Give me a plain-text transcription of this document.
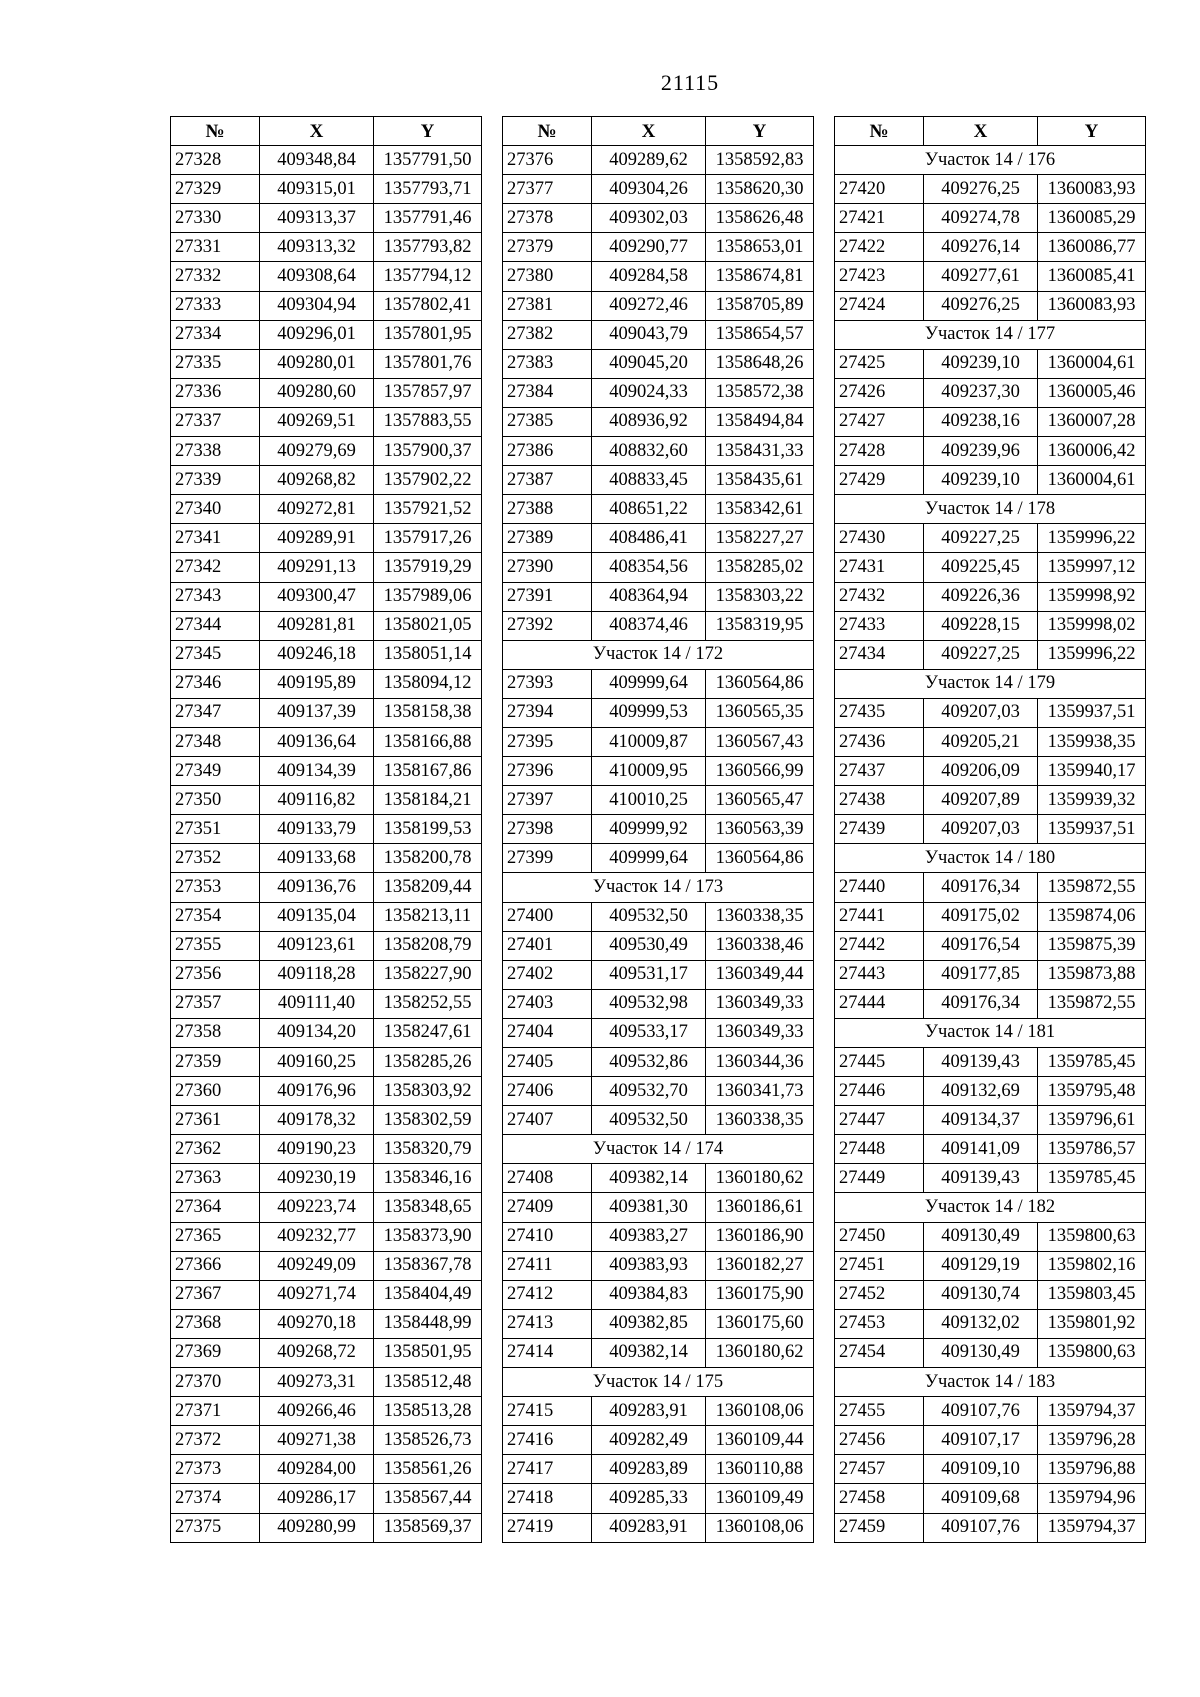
21115
№	X	Y
27328	409348,84	1357791,50
27329	409315,01	1357793,71
27330	409313,37	1357791,46
27331	409313,32	1357793,82
27332	409308,64	1357794,12
27333	409304,94	1357802,41
27334	409296,01	1357801,95
27335	409280,01	1357801,76
27336	409280,60	1357857,97
27337	409269,51	1357883,55
27338	409279,69	1357900,37
27339	409268,82	1357902,22
27340	409272,81	1357921,52
27341	409289,91	1357917,26
27342	409291,13	1357919,29
27343	409300,47	1357989,06
27344	409281,81	1358021,05
27345	409246,18	1358051,14
27346	409195,89	1358094,12
27347	409137,39	1358158,38
27348	409136,64	1358166,88
27349	409134,39	1358167,86
27350	409116,82	1358184,21
27351	409133,79	1358199,53
27352	409133,68	1358200,78
27353	409136,76	1358209,44
27354	409135,04	1358213,11
27355	409123,61	1358208,79
27356	409118,28	1358227,90
27357	409111,40	1358252,55
27358	409134,20	1358247,61
27359	409160,25	1358285,26
27360	409176,96	1358303,92
27361	409178,32	1358302,59
27362	409190,23	1358320,79
27363	409230,19	1358346,16
27364	409223,74	1358348,65
27365	409232,77	1358373,90
27366	409249,09	1358367,78
27367	409271,74	1358404,49
27368	409270,18	1358448,99
27369	409268,72	1358501,95
27370	409273,31	1358512,48
27371	409266,46	1358513,28
27372	409271,38	1358526,73
27373	409284,00	1358561,26
27374	409286,17	1358567,44
27375	409280,99	1358569,37
№	X	Y
27376	409289,62	1358592,83
27377	409304,26	1358620,30
27378	409302,03	1358626,48
27379	409290,77	1358653,01
27380	409284,58	1358674,81
27381	409272,46	1358705,89
27382	409043,79	1358654,57
27383	409045,20	1358648,26
27384	409024,33	1358572,38
27385	408936,92	1358494,84
27386	408832,60	1358431,33
27387	408833,45	1358435,61
27388	408651,22	1358342,61
27389	408486,41	1358227,27
27390	408354,56	1358285,02
27391	408364,94	1358303,22
27392	408374,46	1358319,95
Участок 14 / 172		
27393	409999,64	1360564,86
27394	409999,53	1360565,35
27395	410009,87	1360567,43
27396	410009,95	1360566,99
27397	410010,25	1360565,47
27398	409999,92	1360563,39
27399	409999,64	1360564,86
Участок 14 / 173		
27400	409532,50	1360338,35
27401	409530,49	1360338,46
27402	409531,17	1360349,44
27403	409532,98	1360349,33
27404	409533,17	1360349,33
27405	409532,86	1360344,36
27406	409532,70	1360341,73
27407	409532,50	1360338,35
Участок 14 / 174		
27408	409382,14	1360180,62
27409	409381,30	1360186,61
27410	409383,27	1360186,90
27411	409383,93	1360182,27
27412	409384,83	1360175,90
27413	409382,85	1360175,60
27414	409382,14	1360180,62
Участок 14 / 175		
27415	409283,91	1360108,06
27416	409282,49	1360109,44
27417	409283,89	1360110,88
27418	409285,33	1360109,49
27419	409283,91	1360108,06
№	X	Y
Участок 14 / 176		
27420	409276,25	1360083,93
27421	409274,78	1360085,29
27422	409276,14	1360086,77
27423	409277,61	1360085,41
27424	409276,25	1360083,93
Участок 14 / 177		
27425	409239,10	1360004,61
27426	409237,30	1360005,46
27427	409238,16	1360007,28
27428	409239,96	1360006,42
27429	409239,10	1360004,61
Участок 14 / 178		
27430	409227,25	1359996,22
27431	409225,45	1359997,12
27432	409226,36	1359998,92
27433	409228,15	1359998,02
27434	409227,25	1359996,22
Участок 14 / 179		
27435	409207,03	1359937,51
27436	409205,21	1359938,35
27437	409206,09	1359940,17
27438	409207,89	1359939,32
27439	409207,03	1359937,51
Участок 14 / 180		
27440	409176,34	1359872,55
27441	409175,02	1359874,06
27442	409176,54	1359875,39
27443	409177,85	1359873,88
27444	409176,34	1359872,55
Участок 14 / 181		
27445	409139,43	1359785,45
27446	409132,69	1359795,48
27447	409134,37	1359796,61
27448	409141,09	1359786,57
27449	409139,43	1359785,45
Участок 14 / 182		
27450	409130,49	1359800,63
27451	409129,19	1359802,16
27452	409130,74	1359803,45
27453	409132,02	1359801,92
27454	409130,49	1359800,63
Участок 14 / 183		
27455	409107,76	1359794,37
27456	409107,17	1359796,28
27457	409109,10	1359796,88
27458	409109,68	1359794,96
27459	409107,76	1359794,37
